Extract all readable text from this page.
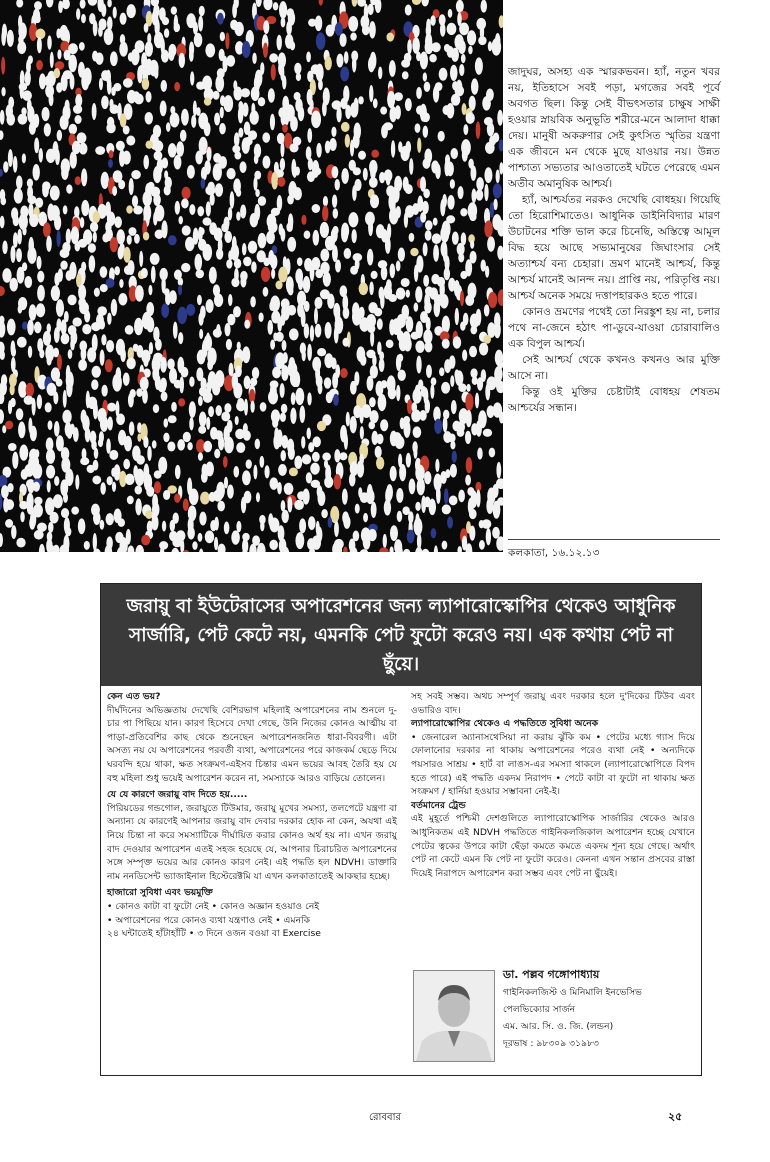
জাদুঘর, অসহ্য এক স্মারকভবন। হ্যাঁ, নতুন খবর নয়, ইতিহাসে সবই পড়া, মগজের সবই পূর্বে অবগত ছিল। কিন্তু সেই বীভৎসতার চাক্ষুষ সাক্ষী হওয়ার স্নায়বিক অনুভূতি শরীরে-মনে আলাদা ধাক্কা দেয়। মানুষী অকরুণার সেই কুৎসিত স্মৃতির যন্ত্রণা এক জীবনে মন থেকে মুছে যাওয়ার নয়। উন্নত পাশ্চাত্য সভ্যতার আওতাতেই ঘটতে পেরেছে এমন অতীব অমানুষিক আশ্চর্য।

হ্যাঁ, আশ্চর্যতর নরকও দেখেছি বোধহয়। গিয়েছি তো হিরোশিমাতেও। আধুনিক ডাইনিবিদ্যার মারণ উচাটনের শক্তি ভাল করে চিনেছি, অস্তিত্বে আমূল বিদ্ধ হয়ে আছে সভ্যমানুষের জিঘাংসার সেই অত্যাশ্চর্য বন্য চেহারা। ভ্রমণ মানেই আশ্চর্য, কিন্তু আশ্চর্য মানেই আনন্দ নয়। প্রাপ্তি নয়, পরিতৃপ্তি নয়। আশ্চর্য অনেক সময়ে দত্তাপহারকও হতে পারে।

কোনও ভ্রমণের পথেই তো নিরঙ্কুশ হয় না, চলার পথে না-জেনে হঠাৎ পা-ডুবে-যাওয়া চোরাবালিও এক বিপুল আশ্চর্য।

সেই আশ্চর্য থেকে কখনও কখনও আর মুক্তি আসে না।

কিন্তু ওই মুক্তির চেষ্টাটাই বোধহয় শেষতম আশ্চর্যের সন্ধান।

কলকাতা, ১৬.১২.১৩
জরায়ু বা ইউটেরাসের অপারেশনের জন্য ল্যাপারোস্কোপির থেকেও আধুনিক সার্জারি, পেট কেটে নয়, এমনকি পেট ফুটো করেও নয়। এক কথায় পেট না ছুঁয়ে।
কেন এত ভয়?

দীর্ঘদিনের অভিজ্ঞতায় দেখেছি বেশিরভাগ মহিলাই অপারেশনের নাম শুনলে দু-চার পা পিছিয়ে যান। কারণ হিসেবে দেখা গেছে, উনি নিজের কোনও আত্মীয় বা পাড়া-প্রতিবেশির কাছ থেকে শুনেছেন অপারেশনজনিত ধারা-বিবরণী। এটা অসত্য নয় যে অপারেশনের পরবর্তী ব্যথা, অপারেশনের পরে কাজকর্ম ছেড়ে দিয়ে ঘরবন্দি হয়ে থাকা, ক্ষত সংক্রমণ-এইসব চিন্তার এমন ভয়ের আবহ তৈরি হয় যে বহু মহিলা শুধু ভয়েই অপারেশন করেন না, সমস্যাকে আরও বাড়িয়ে তোলেন।

যে যে কারণে জরায়ু বাদ দিতে হয়.....

পিরিয়ডের গন্ডগোল, জরায়ুতে টিউমার, জরায়ু মুখের সমস্যা, তলপেটে যন্ত্রণা বা অন্যান্য যে কারণেই আপনার জরায়ু বাদ দেবার দরকার হোক না কেন, অযথা এই নিয়ে চিন্তা না করে সমস্যাটিকে দীর্ঘায়িত করার কোনও অর্থ হয় না। এখন জরায়ু বাদ দেওয়ার অপারেশন এতই সহজ হয়েছে যে, আপনার চিরাচরিত অপারেশনের সঙ্গে সম্পৃক্ত ভয়ের আর কোনও কারণ নেই। এই পদ্ধতি হল NDVH। ডাক্তারি নাম ননডিসেন্ট ভ্যাজাইনাল হিস্টেরেক্টমি যা এখন কলকাতাতেই আকছার হচ্ছে।

হাজারো সুবিধা এবং ভয়মুক্তি
• কোনও কাটা বা ফুটো নেই • কোনও অজ্ঞান হওয়াও নেই
• অপারেশনের পরে কোনও ব্যথা যন্ত্রণাও নেই • এমনকি
২৪ ঘন্টাতেই হাঁটাহাঁটি • ৩ দিনে ওজন বওয়া বা Exercise

সহ সবই সম্ভব। অথচ সম্পূর্ণ জরায়ু এবং দরকার হলে দু'দিকের টিউব এবং ওভারিও বাদ।

ল্যাপারোস্কোপির থেকেও এ পদ্ধতিতে সুবিধা অনেক

• জেনারেল অ্যানাসথেসিয়া না করায় ঝুঁকি কম • পেটের মধ্যে গ্যাস দিয়ে ফোলানোর দরকার না থাকায় অপারেশনের পরেও ব্যথা নেই • অন্যদিকে পয়সারও সাশ্রয় • হার্ট বা লাঙস-এর সমস্যা থাকলে (ল্যাপারোস্কোপিতে বিপদ হতে পারে) এই পদ্ধতি একদম নিরাপদ • পেটে কাটা বা ফুটো না থাকায় ক্ষত সংক্রমণ / হার্নিয়া হওয়ার সম্ভাবনা নেই-ই।

বর্তমানের ট্রেন্ড

এই মুহূর্তে পশ্চিমী দেশগুলিতে ল্যাপারোস্কোপিক সার্জারির থেকেও আরও আধুনিকতম এই NDVH পদ্ধতিতে গাইনিকলজিকাল অপারেশন হচ্ছে যেখানে পেটের ত্বকের উপরে কাটা ছেঁড়া কমতে কমতে একদম শূন্য হয়ে গেছে। অর্থাৎ পেট না কেটে এমন কি পেট না ফুটো করেও। কেননা এখন সন্তান প্রসবের রাস্তা দিয়েই নিরাপদে অপারেশন করা সম্ভব এবং পেট না ছুঁয়েই।

ডা. পল্লব গঙ্গোপাধ্যায়
গাইনিকলজিস্ট ও মিনিমালি ইনভেসিভ
পেলভিক্যোর সার্জন
এম. আর. সি. ও. জি. (লন্ডন)
দূরভাষ : ৯৮৩০৯ ৩১৯৮৩
রোববার	২৫
